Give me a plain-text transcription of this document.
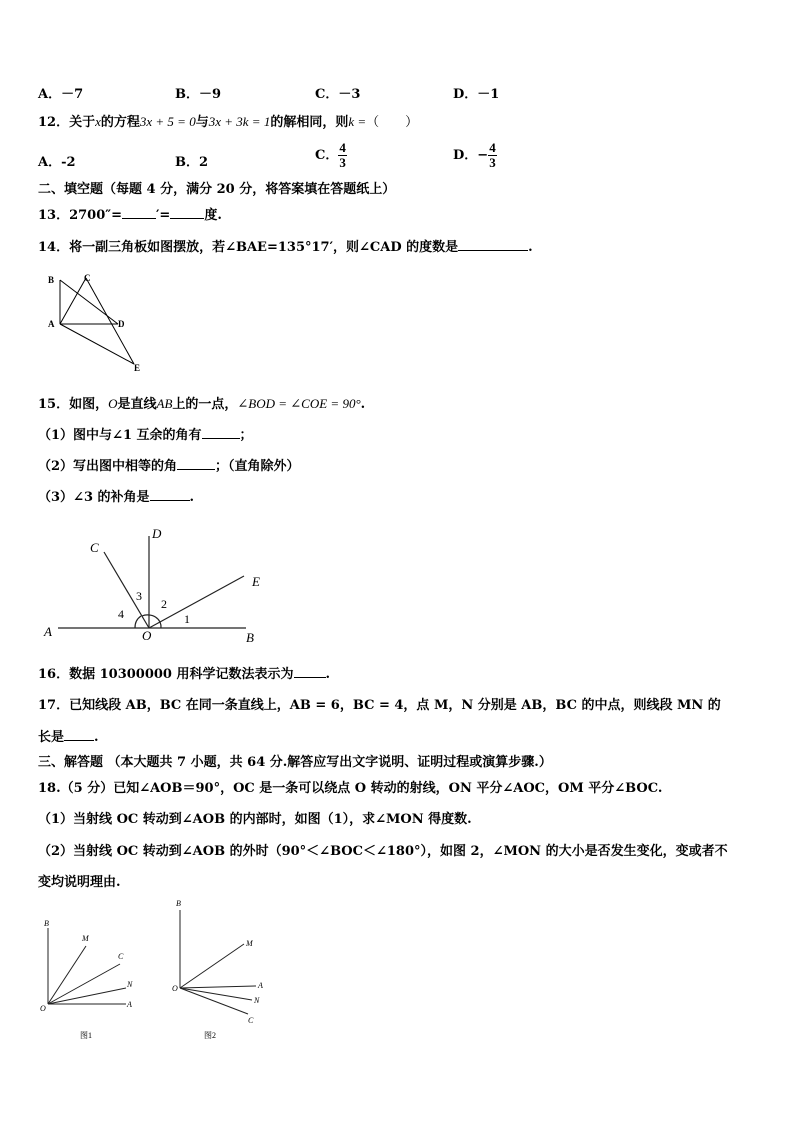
A．－7	B．－9	C．－3	D．－1
12．关于x的方程3x + 5 = 0与3x + 3k = 1的解相同，则k =（　　）
A．-2	B．2	C． $\frac{4}{3}$	D．− $\frac{4}{3}$
二、填空题（每题 4 分，满分 20 分，将答案填在答题纸上）
13．2700″=	′=	度.
14．将一副三角板如图摆放，若∠BAE=135°17′，则∠CAD 的度数是	.
B	C
A	D
E
15．如图，O是直线AB上的一点，∠BOD = ∠COE = 90°.
（1）图中与∠1 互余的角有	；
（2）写出图中相等的角	；（直角除外）
（3）∠3 的补角是	.
A	B
C
D
E
O
1
2
3
4
16．数据 10300000 用科学记数法表示为 .
17．已知线段 AB，BC 在同一条直线上，AB = 6，BC = 4，点 M，N 分别是 AB，BC 的中点，则线段 MN 的
长是 .
三、解答题 （本大题共 7 小题，共 64 分.解答应写出文字说明、证明过程或演算步骤.）
18.（5 分）已知∠AOB＝90°，OC 是一条可以绕点 O 转动的射线，ON 平分∠AOC，OM 平分∠BOC.
（1）当射线 OC 转动到∠AOB 的内部时，如图（1），求∠MON 得度数.
（2）当射线 OC 转动到∠AOB 的外时（90°＜∠BOC＜∠180°），如图 2，∠MON 的大小是否发生变化，变或者不
变均说明理由.
B
M
C
N
A
O
图1
B
M
A
N
C
O
图2
